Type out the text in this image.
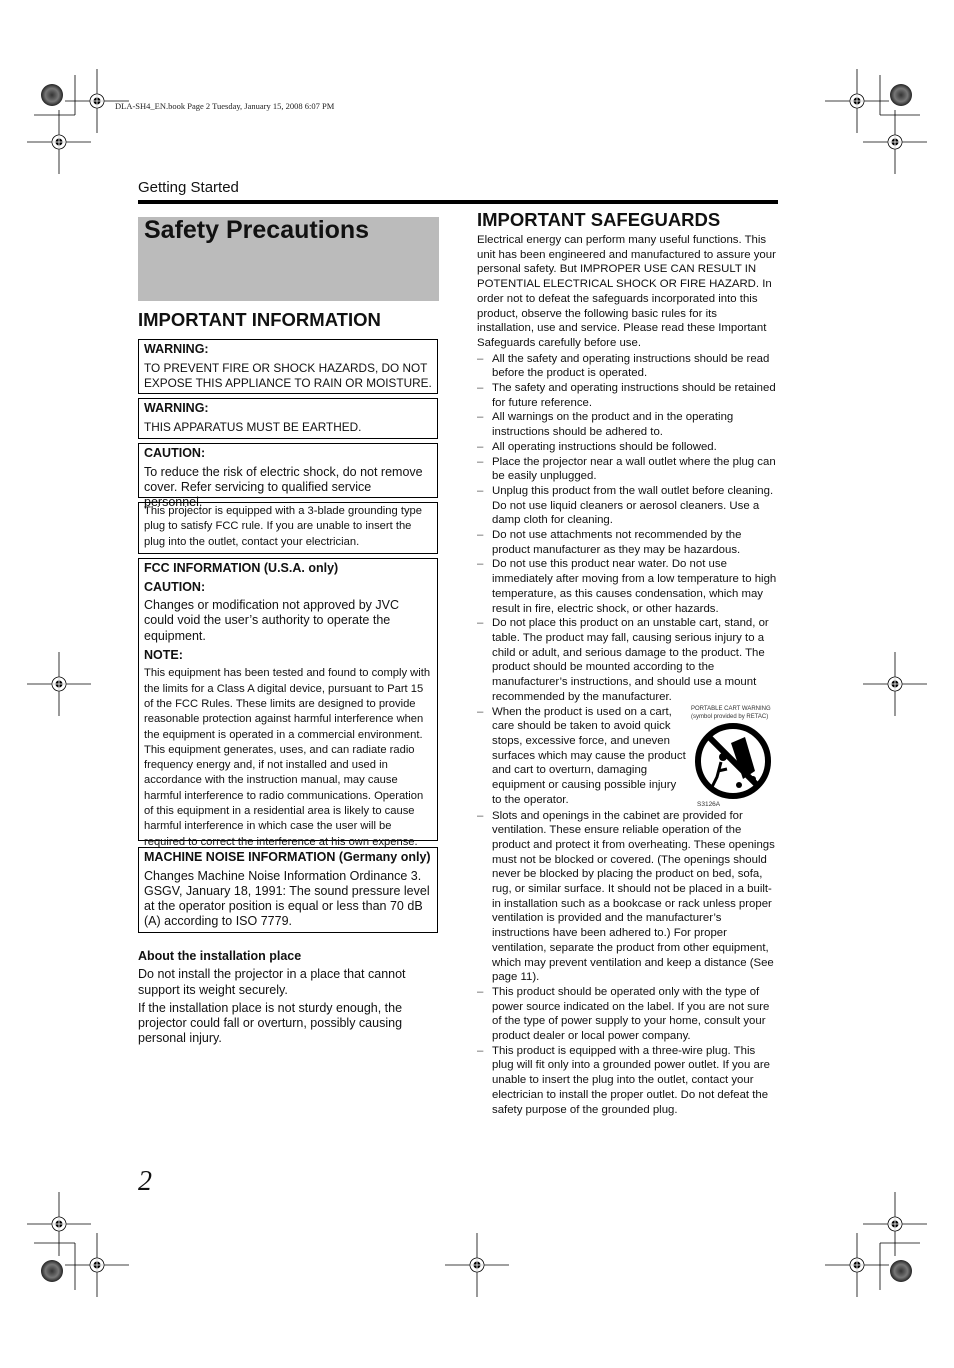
DLA-SH4_EN.book Page 2 Tuesday, January 15, 2008 6:07 PM
Getting Started
Safety Precautions
IMPORTANT INFORMATION
WARNING:

TO PREVENT FIRE OR SHOCK HAZARDS, DO NOT EXPOSE THIS APPLIANCE TO RAIN OR MOISTURE.

WARNING:

THIS APPARATUS MUST BE EARTHED.

CAUTION:

To reduce the risk of electric shock, do not remove cover. Refer servicing to qualified service personnel.

This projector is equipped with a 3-blade grounding type plug to satisfy FCC rule. If you are unable to insert the plug into the outlet, contact your electrician.

FCC INFORMATION (U.S.A. only)
CAUTION:

Changes or modification not approved by JVC could void the user’s authority to operate the equipment.

NOTE:

This equipment has been tested and found to comply with the limits for a Class A digital device, pursuant to Part 15 of the FCC Rules. These limits are designed to provide reasonable protection against harmful interference when the equipment is operated in a commercial environment. This equipment generates, uses, and can radiate radio frequency energy and, if not installed and used in accordance with the instruction manual, may cause harmful interference to radio communications. Operation of this equipment in a residential area is likely to cause harmful interference in which case the user will be required to correct the interference at his own expense.

MACHINE NOISE INFORMATION (Germany only)

Changes Machine Noise Information Ordinance 3. GSGV, January 18, 1991: The sound pressure level at the operator position is equal or less than 70 dB (A) according to ISO 7779.

About the installation place

Do not install the projector in a place that cannot support its weight securely.

If the installation place is not sturdy enough, the projector could fall or overturn, possibly causing personal injury.

IMPORTANT SAFEGUARDS

Electrical energy can perform many useful functions. This unit has been engineered and manufactured to assure your personal safety. But IMPROPER USE CAN RESULT IN POTENTIAL ELECTRICAL SHOCK OR FIRE HAZARD. In order not to defeat the safeguards incorporated into this product, observe the following basic rules for its installation, use and service. Please read these Important Safeguards carefully before use.

– All the safety and operating instructions should be read before the product is operated.
– The safety and operating instructions should be retained for future reference.
– All warnings on the product and in the operating instructions should be adhered to.
– All operating instructions should be followed.
– Place the projector near a wall outlet where the plug can be easily unplugged.
– Unplug this product from the wall outlet before cleaning. Do not use liquid cleaners or aerosol cleaners. Use a damp cloth for cleaning.
– Do not use attachments not recommended by the product manufacturer as they may be hazardous.
– Do not use this product near water. Do not use immediately after moving from a low temperature to high temperature, as this causes condensation, which may result in fire, electric shock, or other hazards.
– Do not place this product on an unstable cart, stand, or table. The product may fall, causing serious injury to a child or adult, and serious damage to the product. The product should be mounted according to the manufacturer’s instructions, and should use a mount recommended by the manufacturer.
– When the product is used on a cart, care should be taken to avoid quick stops, excessive force, and uneven surfaces which may cause the product and cart to overturn, damaging equipment or causing possible injury to the operator.
PORTABLE CART WARNING
(symbol provided by RETAC)
S3126A
– Slots and openings in the cabinet are provided for ventilation. These ensure reliable operation of the product and protect it from overheating. These openings must not be blocked or covered. (The openings should never be blocked by placing the product on bed, sofa, rug, or similar surface. It should not be placed in a built-in installation such as a bookcase or rack unless proper ventilation is provided and the manufacturer’s instructions have been adhered to.) For proper ventilation, separate the product from other equipment, which may prevent ventilation and keep a distance (See page 11).
– This product should be operated only with the type of power source indicated on the label. If you are not sure of the type of power supply to your home, consult your product dealer or local power company.
– This product is equipped with a three-wire plug. This plug will fit only into a grounded power outlet. If you are unable to insert the plug into the outlet, contact your electrician to install the proper outlet. Do not defeat the safety purpose of the grounded plug.
2
